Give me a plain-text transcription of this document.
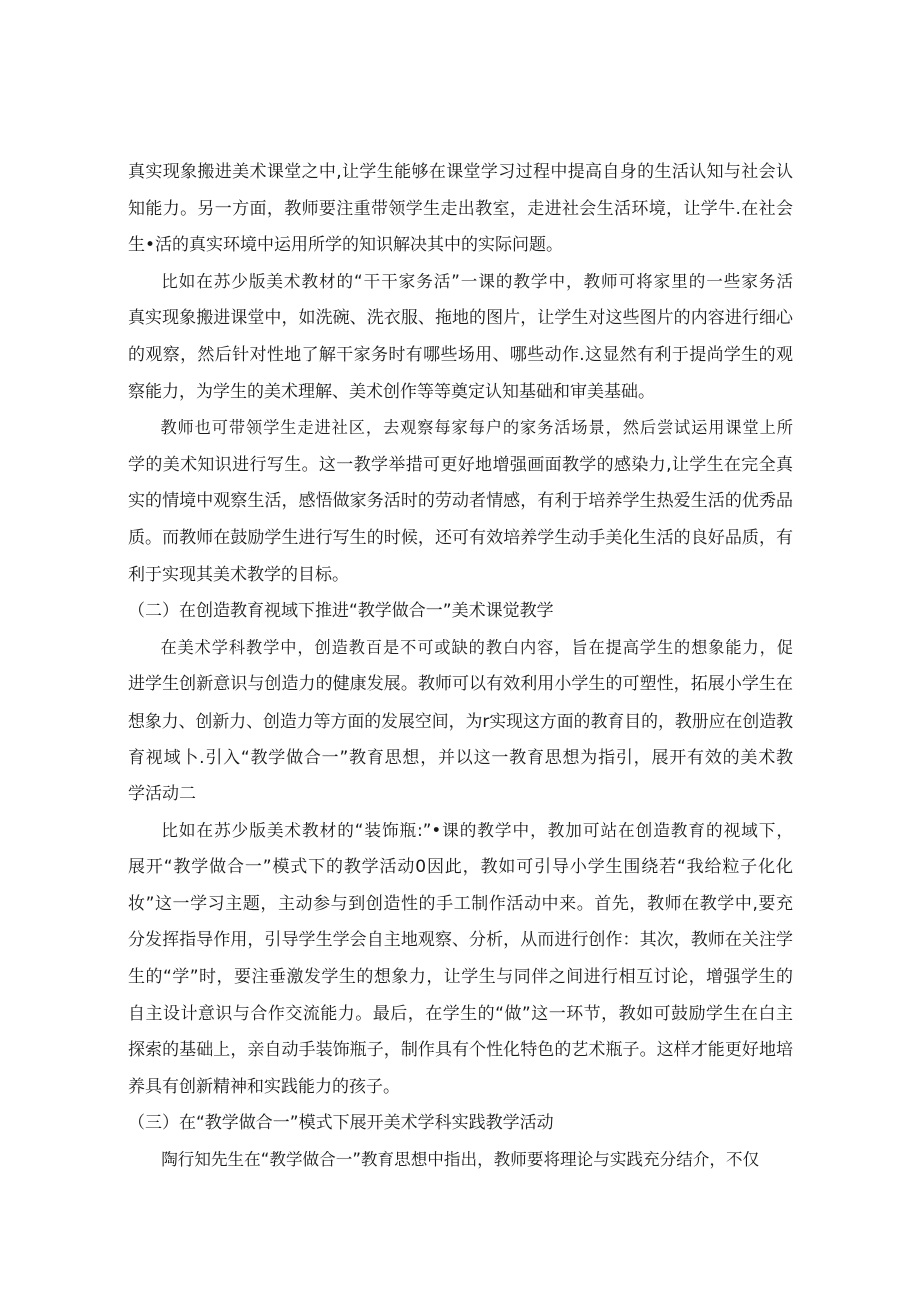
真实现象搬进美术课堂之中,让学生能够在课堂学习过程中提高自身的生活认知与社会认
知能力。另一方面，教师要注重带领学生走出教室，走进社会生活环境，让学牛.在社会
生•活的真实环境中运用所学的知识解决其中的实际问题。
比如在苏少版美术教材的“干干家务活”一课的教学中，教师可将家里的一些家务活
真实现象搬进课堂中，如洗碗、洗衣服、拖地的图片，让学生对这些图片的内容进行细心
的观察，然后针对性地了解干家务时有哪些场用、哪些动作.这显然有利于提尚学生的观
察能力，为学生的美术理解、美术创作等等奠定认知基础和审美基础。
教师也可带领学生走进社区，去观察每家每户的家务活场景，然后尝试运用课堂上所
学的美术知识进行写生。这一教学举措可更好地增强画面教学的感染力,让学生在完全真
实的情境中观察生活，感悟做家务活时的劳动者情感，有利于培养学生热爱生活的优秀品
质。而教师在鼓励学生进行写生的时候，还可有效培养学生动手美化生活的良好品质，有
利于实现其美术教学的目标。
（二）在创造教育视域下推进“教学做合一”美术课觉教学
在美术学科教学中，创造教百是不可或缺的教白内容，旨在提高学生的想象能力，促
进学生创新意识与创造力的健康发展。教师可以有效利用小学生的可塑性，拓展小学生在
想象力、创新力、创造力等方面的发展空间，为r实现这方面的教育目的，教册应在创造教
育视域卜.引入“教学做合一”教育思想，并以这一教育思想为指引，展开有效的美术教
学活动二
比如在苏少版美术教材的“装饰瓶:”•课的教学中，教加可站在创造教育的视域下，
展开“教学做合一”模式下的教学活动0因此，教如可引导小学生围绕若“我给粒子化化
妆”这一学习主题，主动参与到创造性的手工制作活动中来。首先，教师在教学中,要充
分发挥指导作用，引导学生学会自主地观察、分析，从而进行创作：其次，教师在关注学
生的“学”时，要注垂激发学生的想象力，让学生与同伴之间进行相互讨论，增强学生的
自主设计意识与合作交流能力。最后，在学生的“做”这一环节，教如可鼓励学生在白主
探索的基础上，亲自动手装饰瓶子，制作具有个性化特色的艺术瓶子。这样才能更好地培
养具有创新精神和实践能力的孩子。
（三）在“教学做合一”模式下展开美术学科实践教学活动
陶行知先生在“教学做合一”教育思想中指出，教师要将理论与实践充分结介，不仅
